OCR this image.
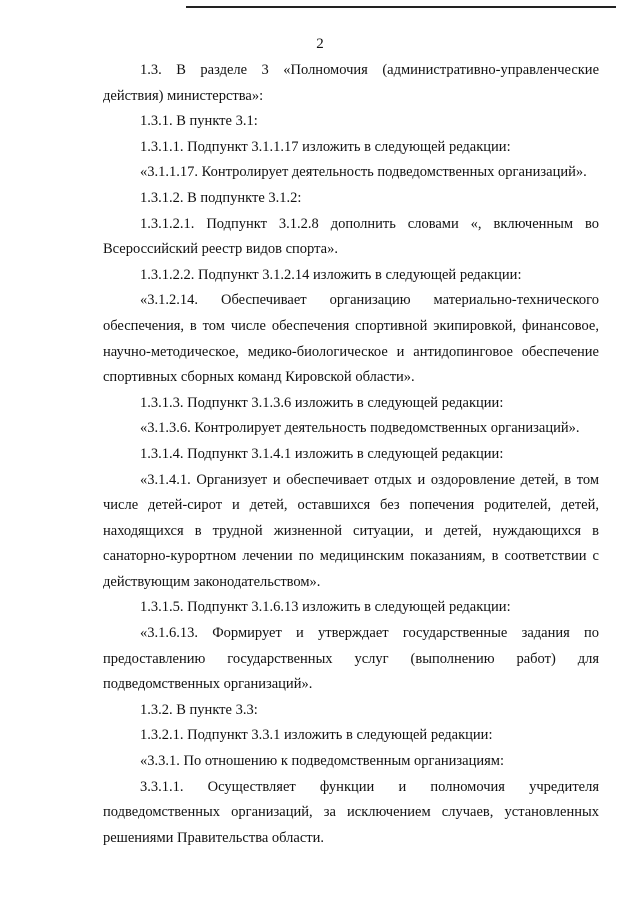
2

1.3. В разделе 3 «Полномочия (административно-управленческие действия) министерства»:

1.3.1. В пункте 3.1:

1.3.1.1. Подпункт 3.1.1.17 изложить в следующей редакции:

«3.1.1.17. Контролирует деятельность подведомственных организаций».

1.3.1.2. В подпункте 3.1.2:

1.3.1.2.1. Подпункт 3.1.2.8 дополнить словами «, включенным во Всероссийский реестр видов спорта».

1.3.1.2.2. Подпункт 3.1.2.14 изложить в следующей редакции:

«3.1.2.14. Обеспечивает организацию материально-технического обеспечения, в том числе обеспечения спортивной экипировкой, финансовое, научно-методическое, медико-биологическое и антидопинговое обеспечение спортивных сборных команд Кировской области».

1.3.1.3. Подпункт 3.1.3.6 изложить в следующей редакции:

«3.1.3.6. Контролирует деятельность подведомственных организаций».

1.3.1.4. Подпункт 3.1.4.1 изложить в следующей редакции:

«3.1.4.1. Организует и обеспечивает отдых и оздоровление детей, в том числе детей-сирот и детей, оставшихся без попечения родителей, детей, находящихся в трудной жизненной ситуации, и детей, нуждающихся в санаторно-курортном лечении по медицинским показаниям, в соответствии с действующим законодательством».

1.3.1.5. Подпункт 3.1.6.13 изложить в следующей редакции:

«3.1.6.13. Формирует и утверждает государственные задания по предоставлению государственных услуг (выполнению работ) для подведомственных организаций».

1.3.2. В пункте 3.3:

1.3.2.1. Подпункт 3.3.1 изложить в следующей редакции:

«3.3.1. По отношению к подведомственным организациям:

3.3.1.1. Осуществляет функции и полномочия учредителя подведомственных организаций, за исключением случаев, установленных решениями Правительства области.
